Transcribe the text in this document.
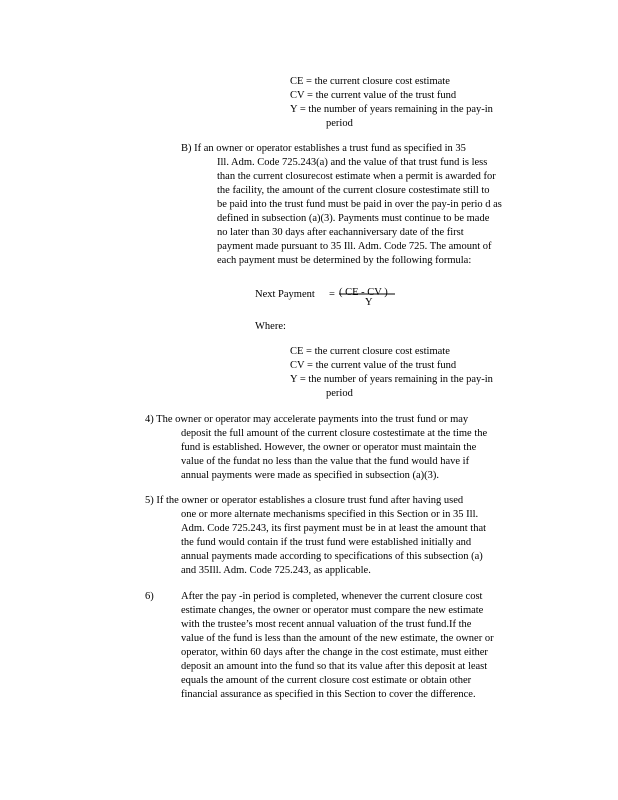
CE = the current closure cost estimate
CV = the current value of the trust fund
Y = the number of years remaining in the pay-in
period
B) If an owner or operator establishes a trust fund as specified in 35
Ill. Adm. Code 725.243(a) and the value of that trust fund is less
than the current closurecost estimate when a permit is awarded for
the facility, the amount of the current closure costestimate still to
be paid into the trust fund must be paid in over the pay-in perio d as
defined in subsection (a)(3). Payments must continue to be made
no later than 30 days after eachanniversary date of the first
payment made pursuant to 35 Ill. Adm. Code 725. The amount of
each payment must be determined by the following formula:
Next Payment = ( CE - CV )
Y
Where:
CE = the current closure cost estimate
CV = the current value of the trust fund
Y = the number of years remaining in the pay-in
period
4) The owner or operator may accelerate payments into the trust fund or may
deposit the full amount of the current closure costestimate at the time the
fund is established. However, the owner or operator must maintain the
value of the fundat no less than the value that the fund would have if
annual payments were made as specified in subsection (a)(3).
5) If the owner or operator establishes a closure trust fund after having used
one or more alternate mechanisms specified in this Section or in 35 Ill.
Adm. Code 725.243, its first payment must be in at least the amount that
the fund would contain if the trust fund were established initially and
annual payments made according to specifications of this subsection (a)
and 35Ill. Adm. Code 725.243, as applicable.
6)	After the pay -in period is completed, whenever the current closure cost
estimate changes, the owner or operator must compare the new estimate
with the trustee’s most recent annual valuation of the trust fund.If the
value of the fund is less than the amount of the new estimate, the owner or
operator, within 60 days after the change in the cost estimate, must either
deposit an amount into the fund so that its value after this deposit at least
equals the amount of the current closure cost estimate or obtain other
financial assurance as specified in this Section to cover the difference.
